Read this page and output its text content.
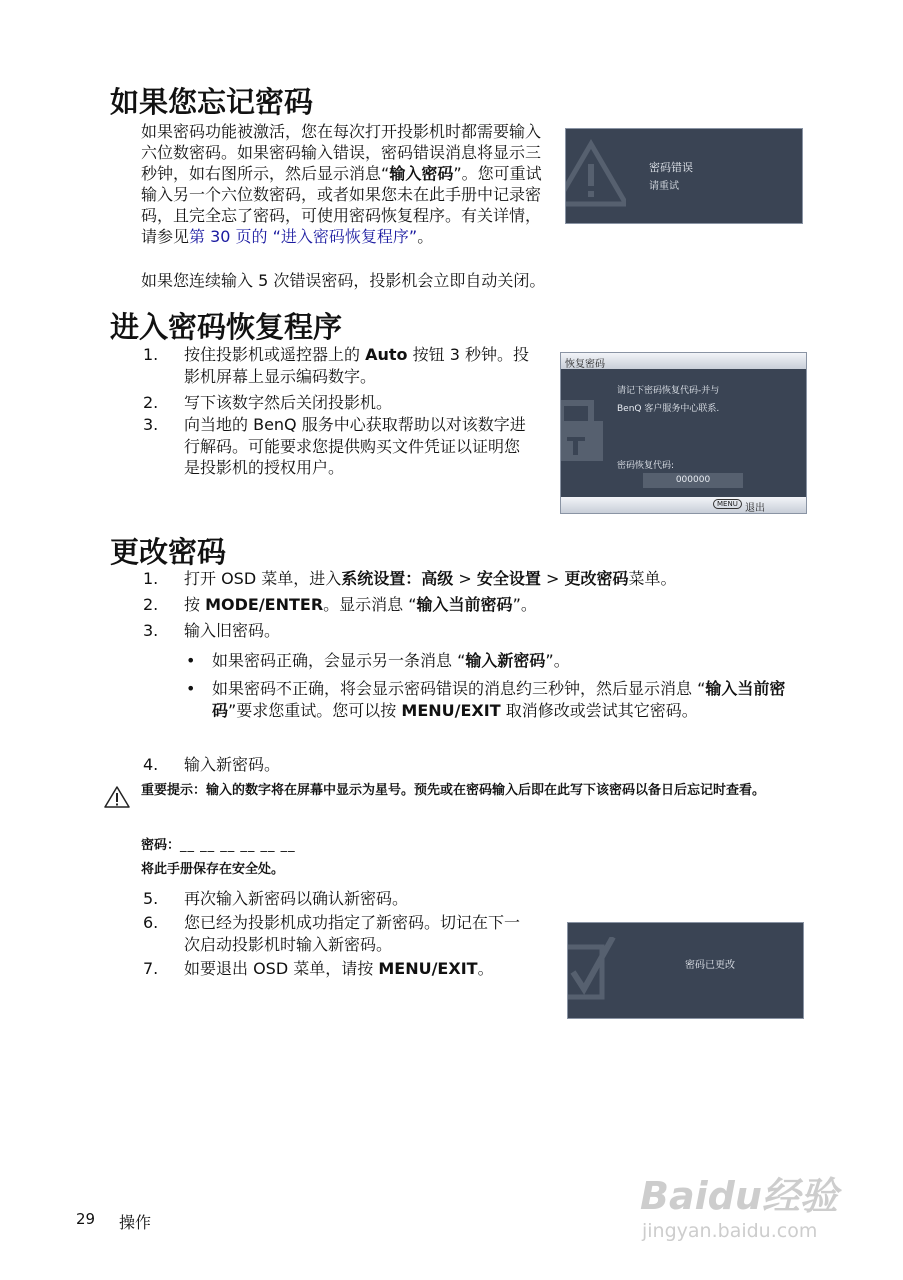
如果您忘记密码
如果密码功能被激活，您在每次打开投影机时都需要输入六位数密码。如果密码输入错误，密码错误消息将显示三秒钟，如右图所示，然后显示消息“输入密码”。您可重试输入另一个六位数密码，或者如果您未在此手册中记录密码，且完全忘了密码，可使用密码恢复程序。有关详情，请参见第 30 页的 “进入密码恢复程序”。
如果您连续输入 5 次错误密码，投影机会立即自动关闭。
密码错误
请重试
进入密码恢复程序
1.	按住投影机或遥控器上的 Auto 按钮 3 秒钟。投影机屏幕上显示编码数字。
2.	写下该数字然后关闭投影机。
3.	向当地的 BenQ 服务中心获取帮助以对该数字进行解码。可能要求您提供购买文件凭证以证明您是投影机的授权用户。
恢复密码
请记下密码恢复代码-并与
BenQ 客户服务中心联系.
密码恢复代码:
000000
MENU 退出
更改密码
1.	打开 OSD 菜单，进入系统设置：高级 > 安全设置 > 更改密码菜单。
2.	按 MODE/ENTER。显示消息 “输入当前密码”。
3.	输入旧密码。
•	如果密码正确，会显示另一条消息 “输入新密码”。
•	如果密码不正确，将会显示密码错误的消息约三秒钟，然后显示消息 “输入当前密码”要求您重试。您可以按 MENU/EXIT 取消修改或尝试其它密码。
4.	输入新密码。
重要提示：输入的数字将在屏幕中显示为星号。预先或在密码输入后即在此写下该密码以备日后忘记时查看。
密码：__ __ __ __ __ __
将此手册保存在安全处。
5.	再次输入新密码以确认新密码。
6.	您已经为投影机成功指定了新密码。切记在下一次启动投影机时输入新密码。
7.	如要退出 OSD 菜单，请按 MENU/EXIT。	密码已更改
29 操作
Baidu经验
jingyan.baidu.com
